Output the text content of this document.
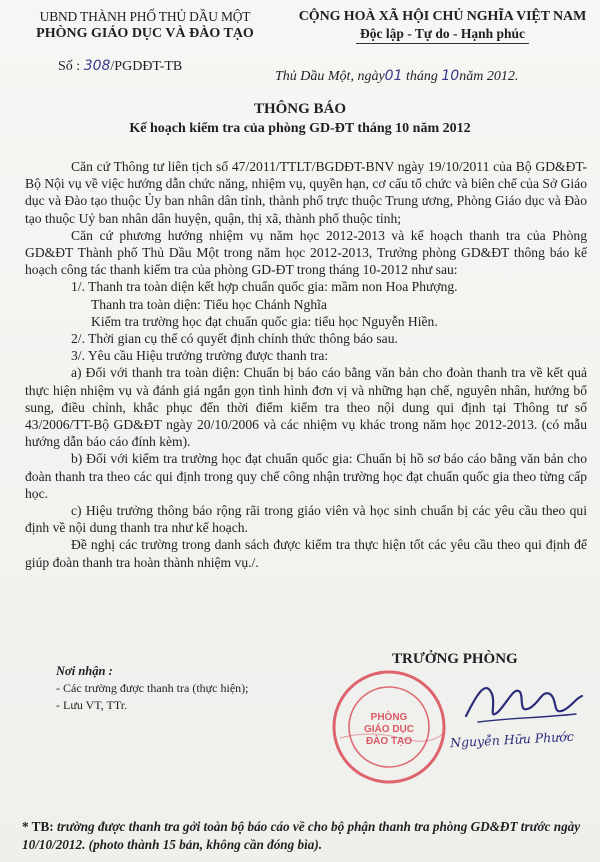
UBND THÀNH PHỐ THỦ DẦU MỘT
PHÒNG GIÁO DỤC VÀ ĐÀO TẠO
CỘNG HOÀ XÃ HỘI CHỦ NGHĨA VIỆT NAM
Độc lập - Tự do - Hạnh phúc
Số : 308/PGDĐT-TB
Thủ Dầu Một, ngày01 tháng 10năm 2012.
THÔNG BÁO
Kế hoạch kiểm tra của phòng GD-ĐT tháng 10 năm 2012

Căn cứ Thông tư liên tịch số 47/2011/TTLT/BGDĐT-BNV ngày 19/10/2011 của Bộ GD&ĐT-Bộ Nội vụ về việc hướng dẫn chức năng, nhiệm vụ, quyền hạn, cơ cấu tổ chức và biên chế của Sở Giáo dục và Đào tạo thuộc Ủy ban nhân dân tỉnh, thành phố trực thuộc Trung ương, Phòng Giáo dục và Đào tạo thuộc Uỷ ban nhân dân huyện, quận, thị xã, thành phố thuộc tỉnh;

Căn cứ phương hướng nhiệm vụ năm học 2012-2013 và kế hoạch thanh tra của Phòng GD&ĐT Thành phố Thủ Dầu Một trong năm học 2012-2013, Trưởng phòng GD&ĐT thông báo kế hoạch công tác thanh kiểm tra của phòng GD-ĐT trong tháng 10-2012 như sau:

1/. Thanh tra toàn diện kết hợp chuẩn quốc gia: mầm non Hoa Phượng.

Thanh tra toàn diện: Tiểu học Chánh Nghĩa

Kiểm tra trường học đạt chuẩn quốc gia: tiểu học Nguyễn Hiền.

2/. Thời gian cụ thể có quyết định chính thức thông báo sau.

3/. Yêu cầu Hiệu trưởng trường được thanh tra:

a) Đối với thanh tra toàn diện: Chuẩn bị báo cáo bằng văn bản cho đoàn thanh tra về kết quả thực hiện nhiệm vụ và đánh giá ngắn gọn tình hình đơn vị và những hạn chế, nguyên nhân, hướng bổ sung, điều chỉnh, khắc phục đến thời điểm kiểm tra theo nội dung qui định tại Thông tư số 43/2006/TT-Bộ GD&ĐT ngày 20/10/2006 và các nhiệm vụ khác trong năm học 2012-2013. (có mẫu hướng dẫn báo cáo đính kèm).

b) Đối với kiểm tra trường học đạt chuẩn quốc gia: Chuẩn bị hồ sơ báo cáo bằng văn bản cho đoàn thanh tra theo các qui định trong quy chế công nhận trường học đạt chuẩn quốc gia theo từng cấp học.

c) Hiệu trưởng thông báo rộng rãi trong giáo viên và học sinh chuẩn bị các yêu cầu theo qui định về nội dung thanh tra như kế hoạch.

Đề nghị các trường trong danh sách được kiểm tra thực hiện tốt các yêu cầu theo qui định để giúp đoàn thanh tra hoàn thành nhiệm vụ./.

TRƯỞNG PHÒNG
Nơi nhận :
- Các trường được thanh tra (thực hiện);
- Lưu VT, TTr.
PHÒNG
GIÁO DỤC
ĐÀO TẠO	Nguyễn Hữu Phước
* TB: trường được thanh tra gởi toàn bộ báo cáo về cho bộ phận thanh tra phòng GD&ĐT trước ngày 10/10/2012. (photo thành 15 bản, không cần đóng bìa).
